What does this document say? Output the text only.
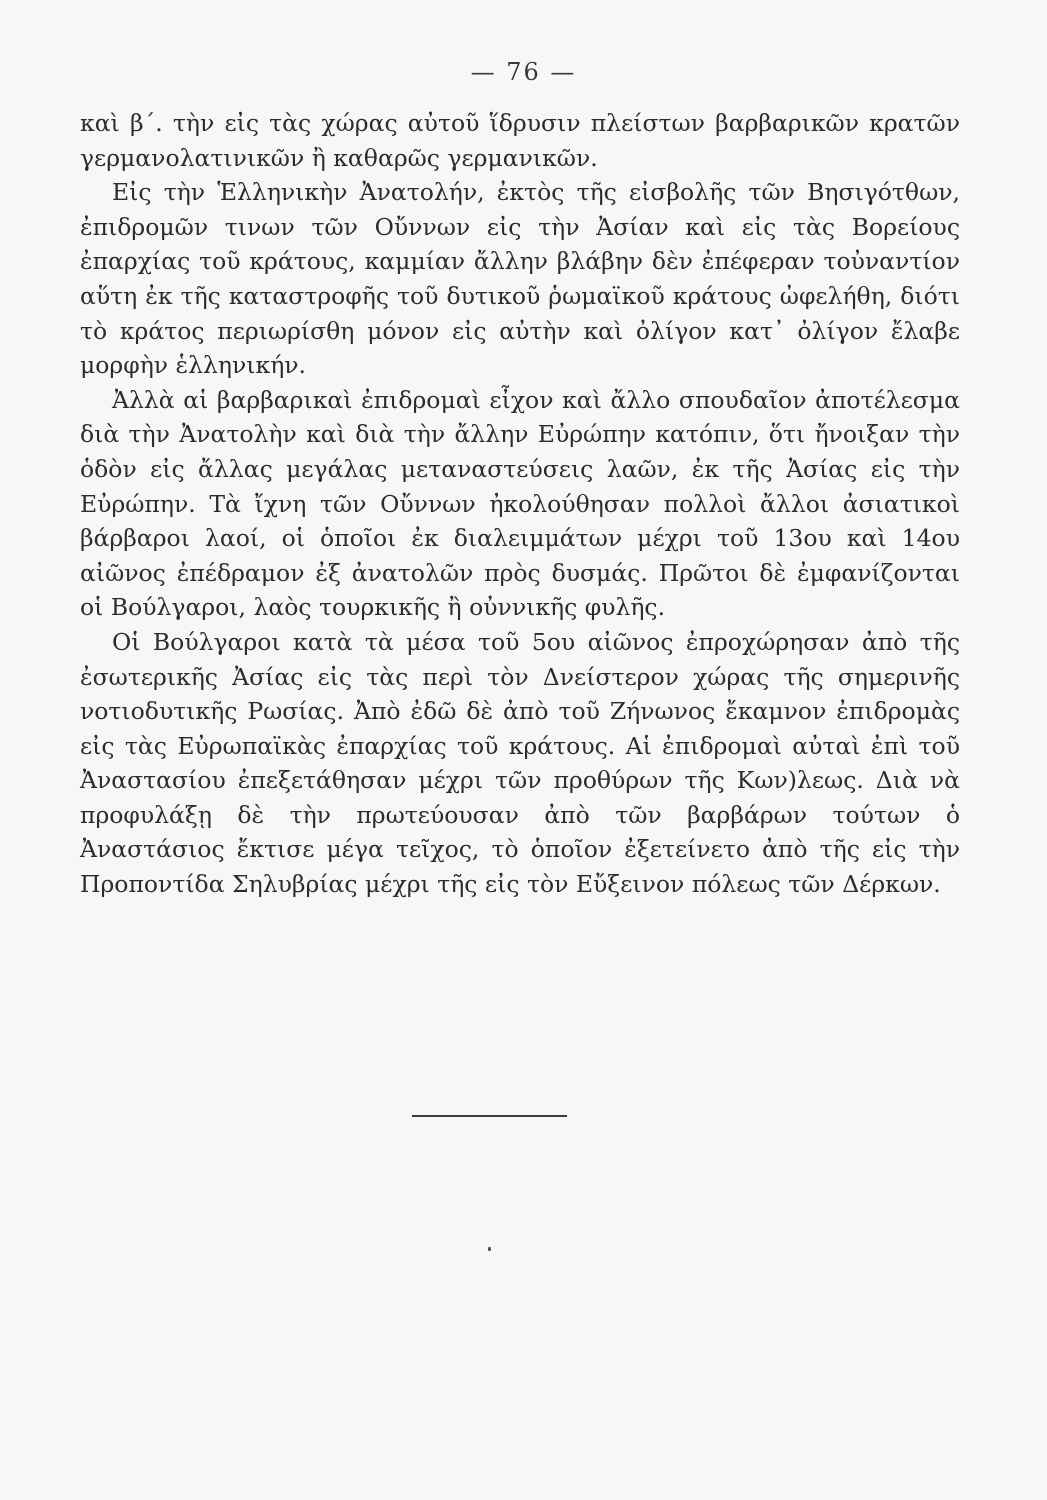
— 76 —

καὶ β΄. τὴν εἰς τὰς χώρας αὐτοῦ ἵδρυσιν πλείστων βαρβαρικῶν κρατῶν γερμανολατινικῶν ἢ καθαρῶς γερμανικῶν.

Εἰς τὴν Ἑλληνικὴν Ἀνατολήν, ἐκτὸς τῆς εἰσβολῆς τῶν Βησιγότθων, ἐπιδρομῶν τινων τῶν Οὔννων εἰς τὴν Ἀσίαν καὶ εἰς τὰς Βορείους ἐπαρχίας τοῦ κράτους, καμμίαν ἄλλην βλάβην δὲν ἐπέφεραν τοὐναντίον αὕτη ἐκ τῆς καταστροφῆς τοῦ δυτικοῦ ῥωμαϊκοῦ κράτους ὠφελήθη, διότι τὸ κράτος περιωρίσθη μόνον εἰς αὐτὴν καὶ ὀλίγον κατ᾽ ὀλίγον ἔλαβε μορφὴν ἑλληνικήν.

Ἀλλὰ αἱ βαρβαρικαὶ ἐπιδρομαὶ εἶχον καὶ ἄλλο σπουδαῖον ἀποτέλεσμα διὰ τὴν Ἀνατολὴν καὶ διὰ τὴν ἄλλην Εὐρώπην κατόπιν, ὅτι ἤνοιξαν τὴν ὁδὸν εἰς ἄλλας μεγάλας μεταναστεύσεις λαῶν, ἐκ τῆς Ἀσίας εἰς τὴν Εὐρώπην. Τὰ ἴχνη τῶν Οὔννων ἠκολούθησαν πολλοὶ ἄλλοι ἀσιατικοὶ βάρβαροι λαοί, οἱ ὁποῖοι ἐκ διαλειμμάτων μέχρι τοῦ 13ου καὶ 14ου αἰῶνος ἐπέδραμον ἐξ ἀνατολῶν πρὸς δυσμάς. Πρῶτοι δὲ ἐμφανίζονται οἱ Βούλγαροι, λαὸς τουρκικῆς ἢ οὐννικῆς φυλῆς.

Οἱ Βούλγαροι κατὰ τὰ μέσα τοῦ 5ου αἰῶνος ἐπροχώρησαν ἀπὸ τῆς ἐσωτερικῆς Ἀσίας εἰς τὰς περὶ τὸν Δνείστερον χώρας τῆς σημερινῆς νοτιοδυτικῆς Ρωσίας. Ἀπὸ ἐδῶ δὲ ἀπὸ τοῦ Ζήνωνος ἔκαμνον ἐπιδρομὰς εἰς τὰς Εὐρωπαϊκὰς ἐπαρχίας τοῦ κράτους. Αἱ ἐπιδρομαὶ αὐταὶ ἐπὶ τοῦ Ἀναστασίου ἐπεξετάθησαν μέχρι τῶν προθύρων τῆς Κων)λεως. Διὰ νὰ προφυλάξῃ δὲ τὴν πρωτεύουσαν ἀπὸ τῶν βαρβάρων τούτων ὁ Ἀναστάσιος ἔκτισε μέγα τεῖχος, τὸ ὁποῖον ἐξετείνετο ἀπὸ τῆς εἰς τὴν Προποντίδα Σηλυβρίας μέχρι τῆς εἰς τὸν Εὔξεινον πόλεως τῶν Δέρκων.
